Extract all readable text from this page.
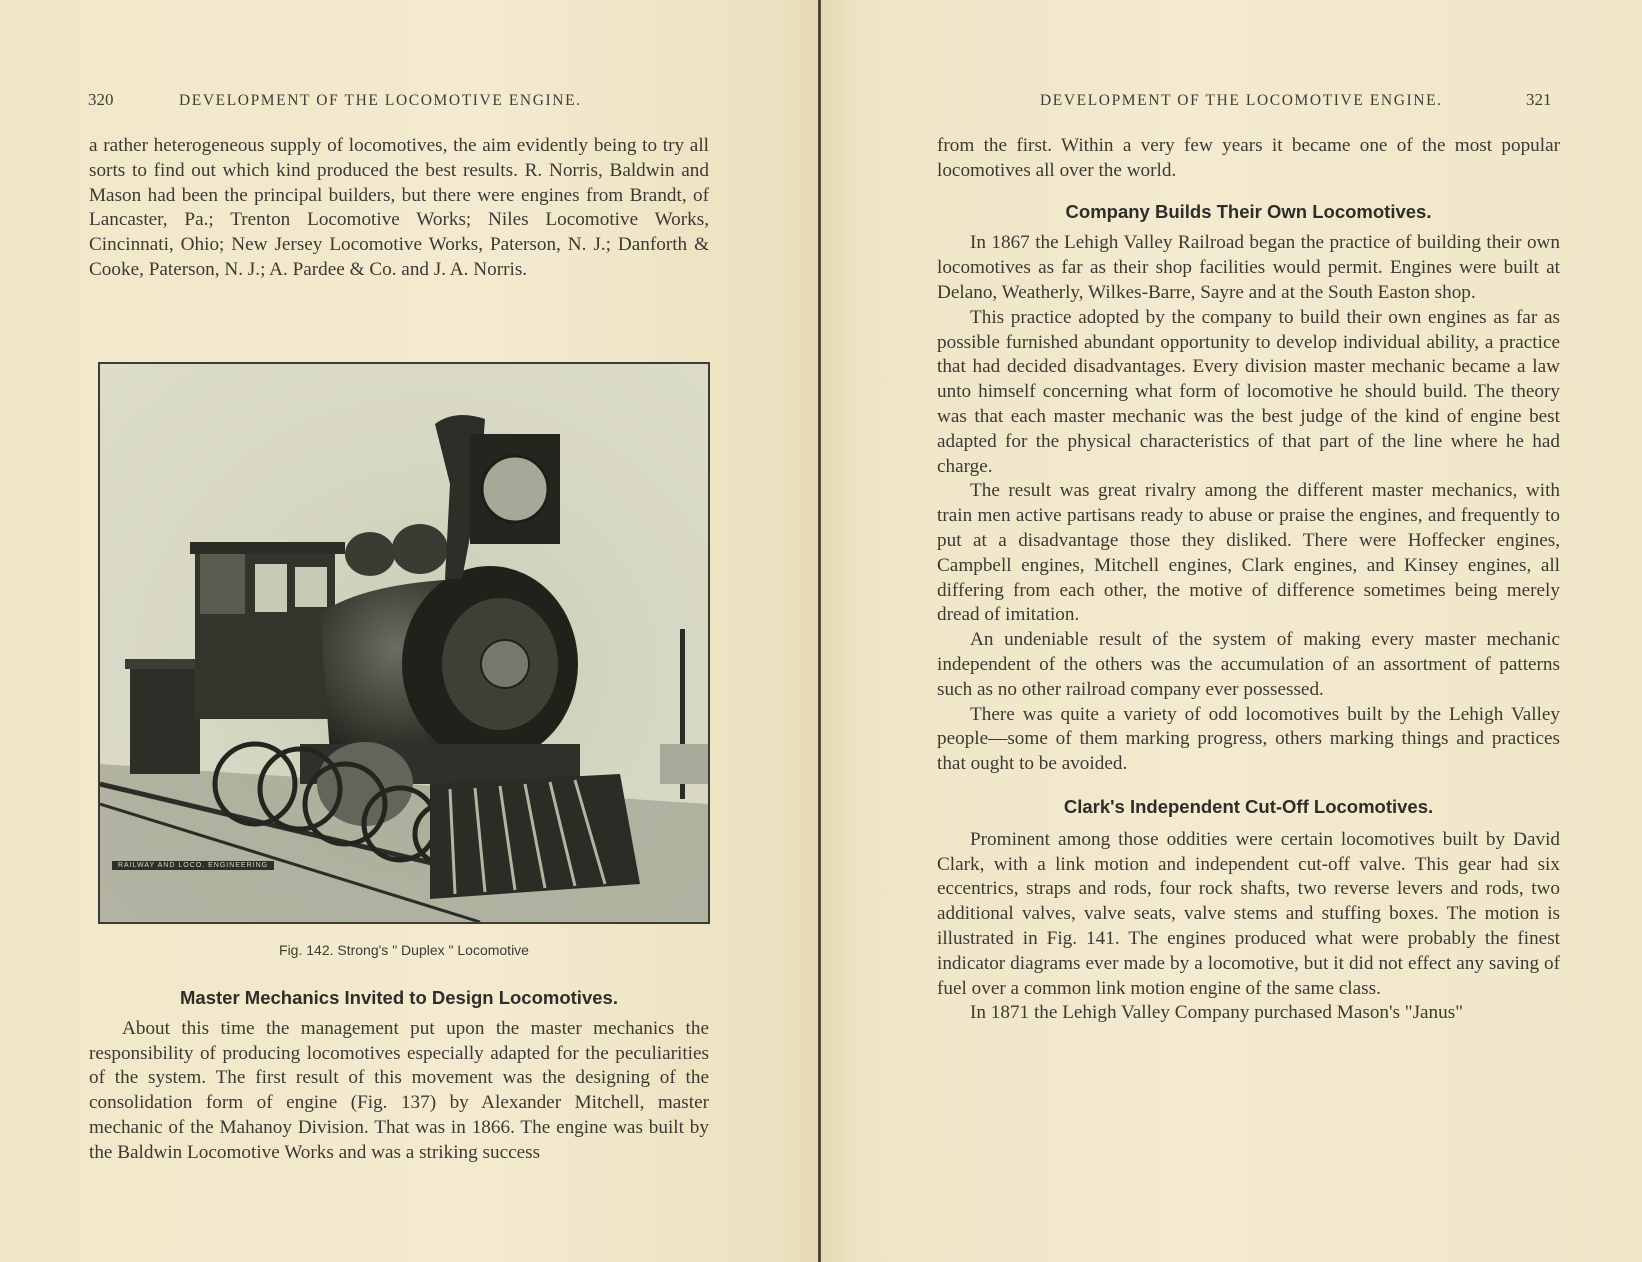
320	DEVELOPMENT OF THE LOCOMOTIVE ENGINE.

a rather heterogeneous supply of locomotives, the aim evidently being to try all sorts to find out which kind produced the best results. R. Norris, Baldwin and Mason had been the principal builders, but there were engines from Brandt, of Lancaster, Pa.; Trenton Locomotive Works; Niles Locomotive Works, Cincinnati, Ohio; New Jersey Locomotive Works, Paterson, N. J.; Danforth & Cooke, Paterson, N. J.; A. Pardee & Co. and J. A. Norris.

RAILWAY AND LOCO. ENGINEERING
Fig. 142. Strong's " Duplex " Locomotive

Master Mechanics Invited to Design Locomotives.

About this time the management put upon the master mechanics the responsibility of producing locomotives especially adapted for the peculiarities of the system. The first result of this movement was the designing of the consolidation form of engine (Fig. 137) by Alexander Mitchell, master mechanic of the Mahanoy Division. That was in 1866. The engine was built by the Baldwin Locomotive Works and was a striking success

DEVELOPMENT OF THE LOCOMOTIVE ENGINE.	321

from the first. Within a very few years it became one of the most popular locomotives all over the world.

Company Builds Their Own Locomotives.

In 1867 the Lehigh Valley Railroad began the practice of building their own locomotives as far as their shop facilities would permit. Engines were built at Delano, Weatherly, Wilkes-Barre, Sayre and at the South Easton shop.

This practice adopted by the company to build their own engines as far as possible furnished abundant opportunity to develop individual ability, a practice that had decided disadvantages. Every division master mechanic became a law unto himself concerning what form of locomotive he should build. The theory was that each master mechanic was the best judge of the kind of engine best adapted for the physical characteristics of that part of the line where he had charge.

The result was great rivalry among the different master mechanics, with train men active partisans ready to abuse or praise the engines, and frequently to put at a disadvantage those they disliked. There were Hoffecker engines, Campbell engines, Mitchell engines, Clark engines, and Kinsey engines, all differing from each other, the motive of difference sometimes being merely dread of imitation.

An undeniable result of the system of making every master mechanic independent of the others was the accumulation of an assortment of patterns such as no other railroad company ever possessed.

There was quite a variety of odd locomotives built by the Lehigh Valley people—some of them marking progress, others marking things and practices that ought to be avoided.

Clark's Independent Cut-Off Locomotives.

Prominent among those oddities were certain locomotives built by David Clark, with a link motion and independent cut-off valve. This gear had six eccentrics, straps and rods, four rock shafts, two reverse levers and rods, two additional valves, valve seats, valve stems and stuffing boxes. The motion is illustrated in Fig. 141. The engines produced what were probably the finest indicator diagrams ever made by a locomotive, but it did not effect any saving of fuel over a common link motion engine of the same class.

In 1871 the Lehigh Valley Company purchased Mason's "Janus"
